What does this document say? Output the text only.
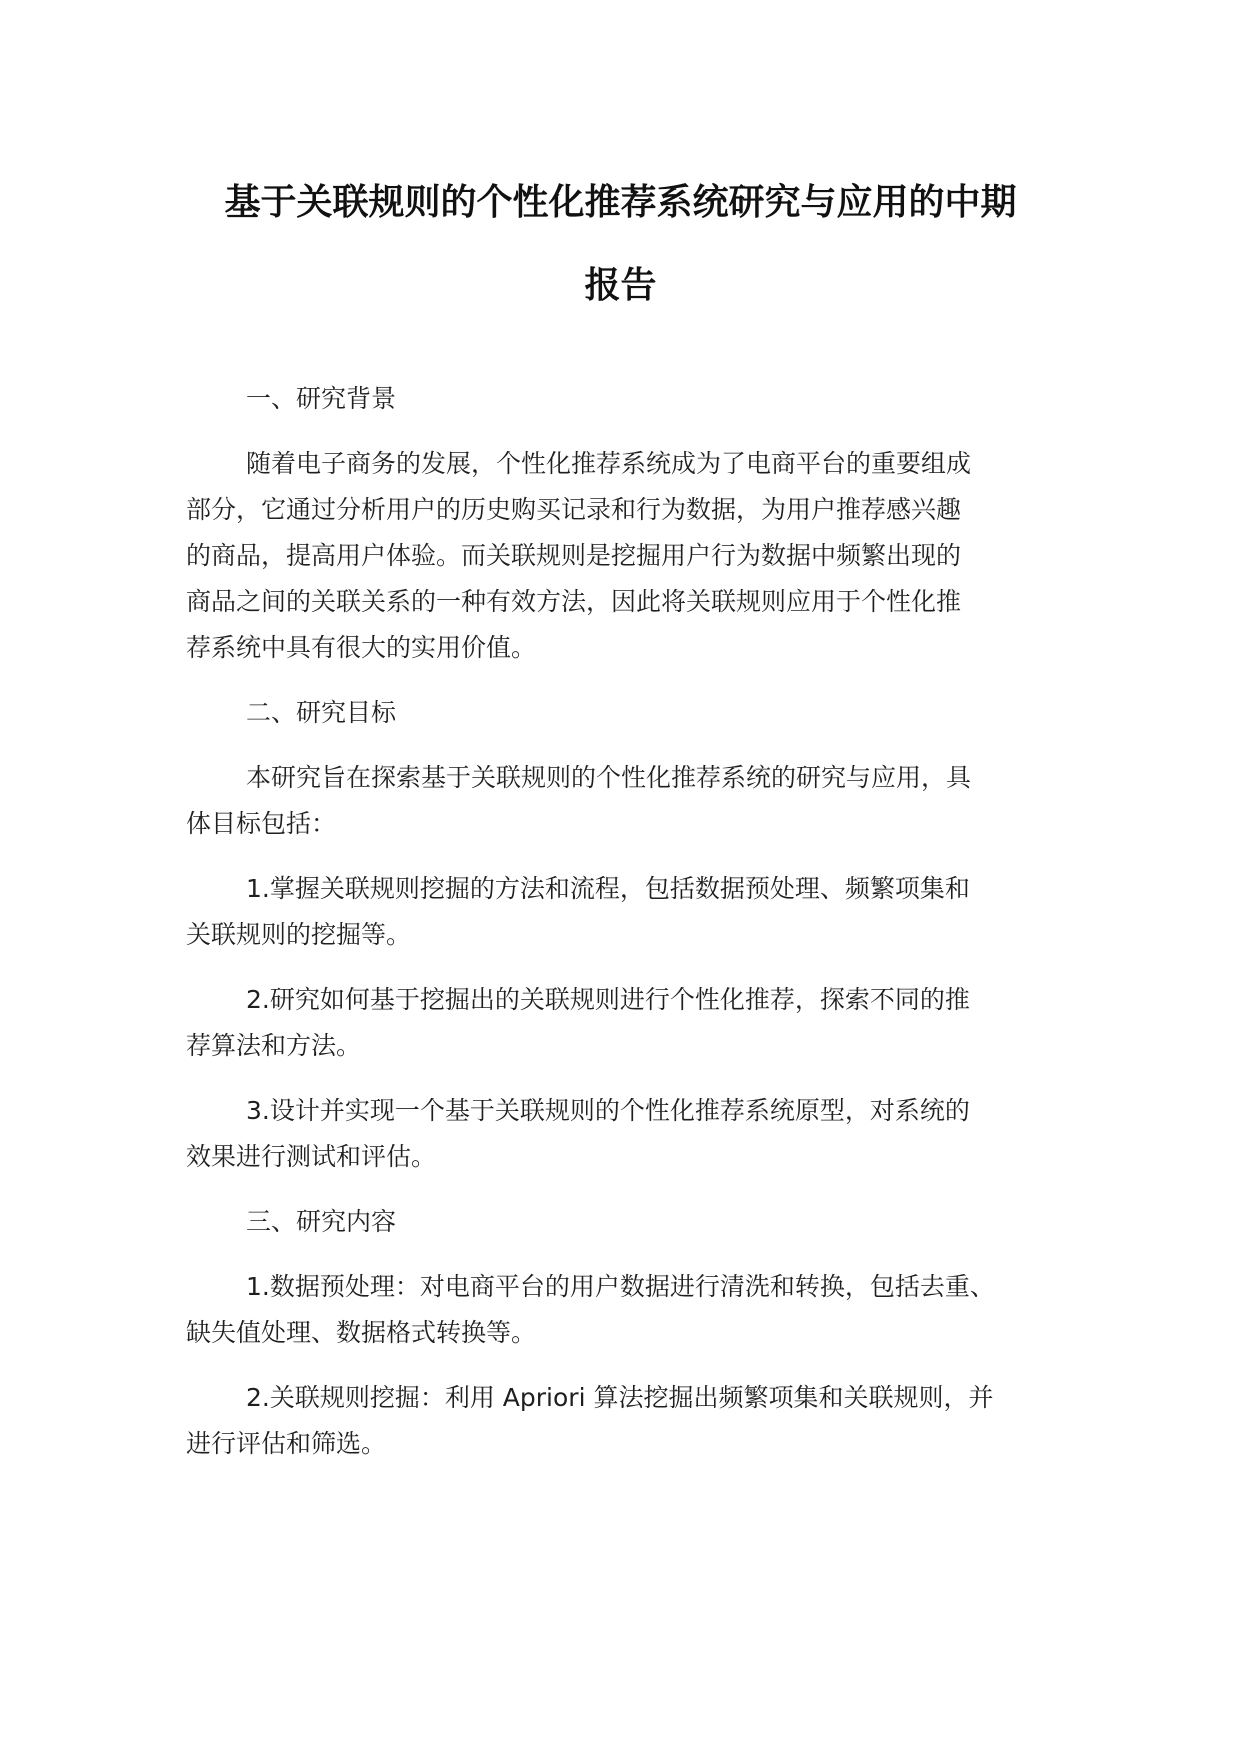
基于关联规则的个性化推荐系统研究与应用的中期
报告
一、研究背景
随着电子商务的发展，个性化推荐系统成为了电商平台的重要组成
部分，它通过分析用户的历史购买记录和行为数据，为用户推荐感兴趣
的商品，提高用户体验。而关联规则是挖掘用户行为数据中频繁出现的
商品之间的关联关系的一种有效方法，因此将关联规则应用于个性化推
荐系统中具有很大的实用价值。
二、研究目标
本研究旨在探索基于关联规则的个性化推荐系统的研究与应用，具
体目标包括：
1.掌握关联规则挖掘的方法和流程，包括数据预处理、频繁项集和
关联规则的挖掘等。
2.研究如何基于挖掘出的关联规则进行个性化推荐，探索不同的推
荐算法和方法。
3.设计并实现一个基于关联规则的个性化推荐系统原型，对系统的
效果进行测试和评估。
三、研究内容
1.数据预处理：对电商平台的用户数据进行清洗和转换，包括去重、
缺失值处理、数据格式转换等。
2.关联规则挖掘：利用 Apriori 算法挖掘出频繁项集和关联规则，并
进行评估和筛选。
